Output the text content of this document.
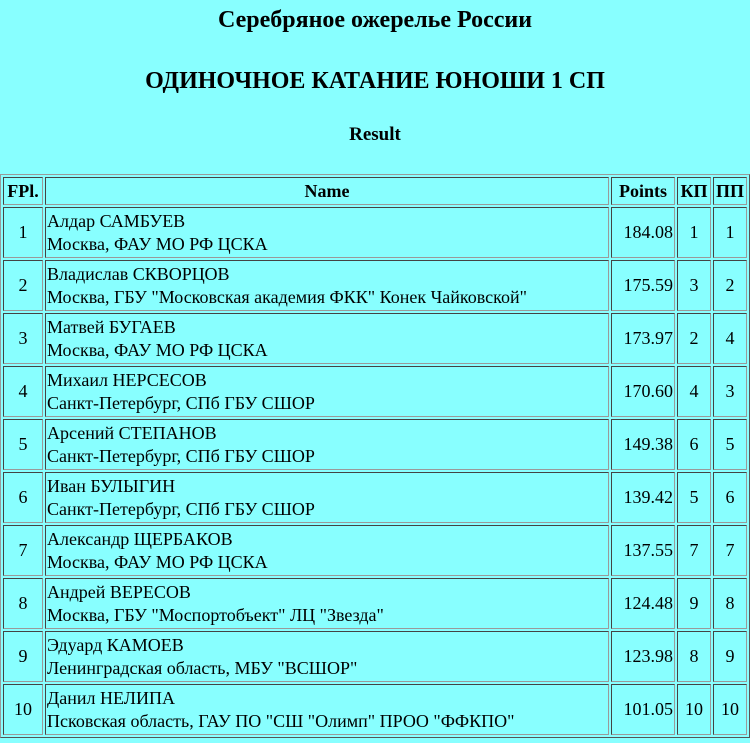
Серебряное ожерелье России
ОДИНОЧНОЕ КАТАНИЕ ЮНОШИ 1 СП
Result
FPl.	Name	Points	КП	ПП
1	Алдар САМБУЕВ
Москва, ФАУ МО РФ ЦСКА	184.08	1	1
2	Владислав СКВОРЦОВ
Москва, ГБУ "Московская академия ФКК" Конек Чайковской"	175.59	3	2
3	Матвей БУГАЕВ
Москва, ФАУ МО РФ ЦСКА	173.97	2	4
4	Михаил НЕРСЕСОВ
Санкт-Петербург, СПб ГБУ СШОР	170.60	4	3
5	Арсений СТЕПАНОВ
Санкт-Петербург, СПб ГБУ СШОР	149.38	6	5
6	Иван БУЛЫГИН
Санкт-Петербург, СПб ГБУ СШОР	139.42	5	6
7	Александр ЩЕРБАКОВ
Москва, ФАУ МО РФ ЦСКА	137.55	7	7
8	Андрей ВЕРЕСОВ
Москва, ГБУ "Моспортобъект" ЛЦ "Звезда"	124.48	9	8
9	Эдуард КАМОЕВ
Ленинградская область, МБУ "ВСШОР"	123.98	8	9
10	Данил НЕЛИПА
Псковская область, ГАУ ПО "СШ "Олимп" ПРОО "ФФКПО"	101.05	10	10
